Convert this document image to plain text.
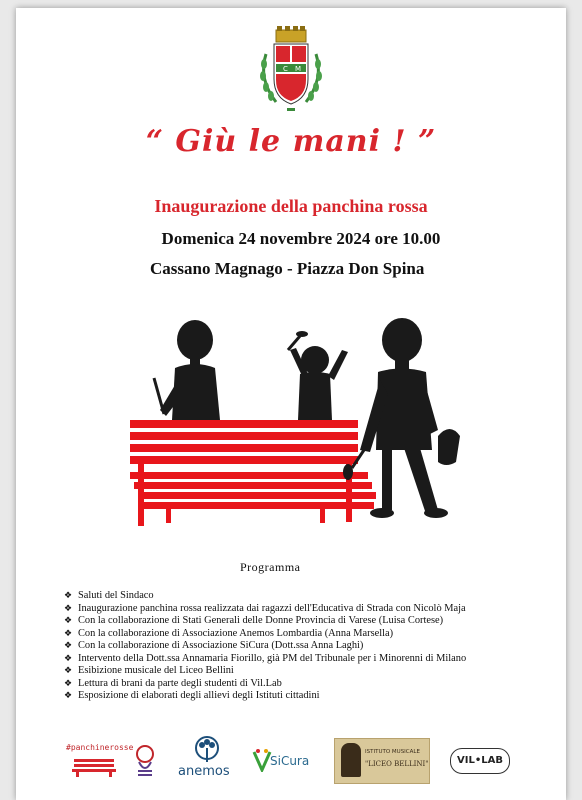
C M
“ Giù le mani ! ”
Inaugurazione della panchina rossa
Domenica 24 novembre 2024 ore 10.00
Cassano Magnago - Piazza Don Spina
Programma
❖ Saluti del Sindaco
❖ Inaugurazione panchina rossa realizzata dai ragazzi dell'Educativa di Strada con Nicolò Maja
❖ Con la collaborazione di Stati Generali delle Donne Provincia di Varese (Luisa Cortese)
❖ Con la collaborazione di Associazione Anemos Lombardia (Anna Marsella)
❖ Con la collaborazione di Associazione SiCura (Dott.ssa Anna Laghi)
❖ Intervento della Dott.ssa Annamaria Fiorillo, già PM del Tribunale per i Minorenni di Milano
❖ Esibizione musicale del Liceo Bellini
❖ Lettura di brani da parte degli studenti di Vil.Lab
❖ Esposizione di elaborati degli allievi degli Istituti cittadini
#panchinerosse
anemos
SiCura
ISTITUTO MUSICALE
"LICEO BELLINI"	VIL•LAB
